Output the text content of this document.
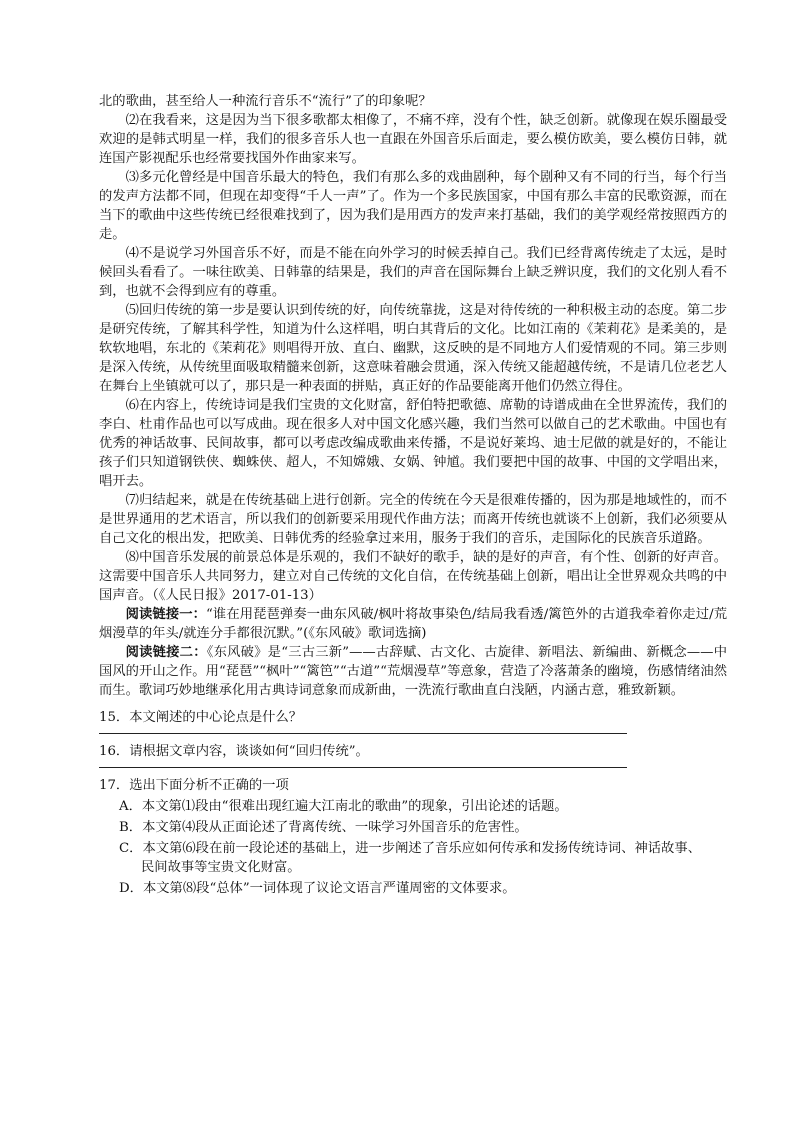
北的歌曲，甚至给人一种流行音乐不“流行”了的印象呢？

⑵在我看来，这是因为当下很多歌都太相像了，不痛不痒，没有个性，缺乏创新。就像现在娱乐圈最受欢迎的是韩式明星一样，我们的很多音乐人也一直跟在外国音乐后面走，要么模仿欧美，要么模仿日韩，就连国产影视配乐也经常要找国外作曲家来写。

⑶多元化曾经是中国音乐最大的特色，我们有那么多的戏曲剧种，每个剧种又有不同的行当，每个行当的发声方法都不同，但现在却变得“千人一声”了。作为一个多民族国家，中国有那么丰富的民歌资源，而在当下的歌曲中这些传统已经很难找到了，因为我们是用西方的发声来打基础，我们的美学观经常按照西方的走。

⑷不是说学习外国音乐不好，而是不能在向外学习的时候丢掉自己。我们已经背离传统走了太远，是时候回头看看了。一味往欧美、日韩靠的结果是，我们的声音在国际舞台上缺乏辨识度，我们的文化别人看不到，也就不会得到应有的尊重。

⑸回归传统的第一步是要认识到传统的好，向传统靠拢，这是对待传统的一种积极主动的态度。第二步是研究传统，了解其科学性，知道为什么这样唱，明白其背后的文化。比如江南的《茉莉花》是柔美的，是软软地唱，东北的《茉莉花》则唱得开放、直白、幽默，这反映的是不同地方人们爱情观的不同。第三步则是深入传统，从传统里面吸取精髓来创新，这意味着融会贯通，深入传统又能超越传统，不是请几位老艺人在舞台上坐镇就可以了，那只是一种表面的拼贴，真正好的作品要能离开他们仍然立得住。

⑹在内容上，传统诗词是我们宝贵的文化财富，舒伯特把歌德、席勒的诗谱成曲在全世界流传，我们的李白、杜甫作品也可以写成曲。现在很多人对中国文化感兴趣，我们当然可以做自己的艺术歌曲。中国也有优秀的神话故事、民间故事，都可以考虑改编成歌曲来传播，不是说好莱坞、迪士尼做的就是好的，不能让孩子们只知道钢铁侠、蜘蛛侠、超人，不知嫦娥、女娲、钟馗。我们要把中国的故事、中国的文学唱出来，唱开去。

⑺归结起来，就是在传统基础上进行创新。完全的传统在今天是很难传播的，因为那是地域性的，而不是世界通用的艺术语言，所以我们的创新要采用现代作曲方法；而离开传统也就谈不上创新，我们必须要从自己文化的根出发，把欧美、日韩优秀的经验拿过来用，服务于我们的音乐，走国际化的民族音乐道路。

⑻中国音乐发展的前景总体是乐观的，我们不缺好的歌手，缺的是好的声音，有个性、创新的好声音。这需要中国音乐人共同努力，建立对自己传统的文化自信，在传统基础上创新，唱出让全世界观众共鸣的中国声音。（《人民日报》2017-01-13）

阅读链接一：“谁在用琵琶弹奏一曲东风破/枫叶将故事染色/结局我看透/篱笆外的古道我牵着你走过/荒烟漫草的年头/就连分手都很沉默。”(《东风破》歌词选摘)

阅读链接二：《东风破》是“三古三新”——古辞赋、古文化、古旋律、新唱法、新编曲、新概念——中国风的开山之作。用“琵琶”“枫叶”“篱笆”“古道”“荒烟漫草”等意象，营造了冷落萧条的幽境，伤感情绪油然而生。歌词巧妙地继承化用古典诗词意象而成新曲，一洗流行歌曲直白浅陋，内涵古意，雅致新颖。

15．本文阐述的中心论点是什么？

16．请根据文章内容，谈谈如何“回归传统”。

17．选出下面分析不正确的一项

A．本文第⑴段由“很难出现红遍大江南北的歌曲”的现象，引出论述的话题。

B．本文第⑷段从正面论述了背离传统、一味学习外国音乐的危害性。

C．本文第⑹段在前一段论述的基础上，进一步阐述了音乐应如何传承和发扬传统诗词、神话故事、

民间故事等宝贵文化财富。

D．本文第⑻段“总体”一词体现了议论文语言严谨周密的文体要求。
